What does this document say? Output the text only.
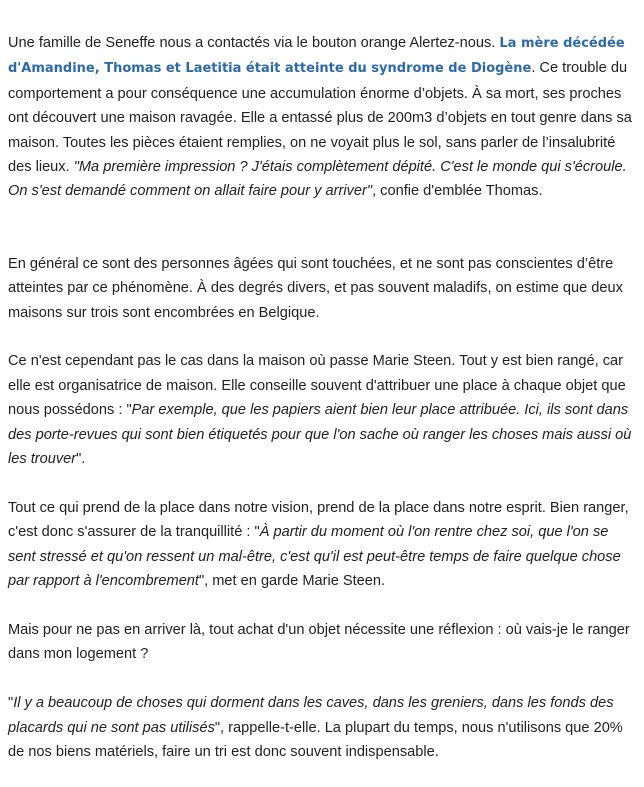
Une famille de Seneffe nous a contactés via le bouton orange Alertez-nous. La mère décédée d'Amandine, Thomas et Laetitia était atteinte du syndrome de Diogène. Ce trouble du comportement a pour conséquence une accumulation énorme d’objets. À sa mort, ses proches ont découvert une maison ravagée. Elle a entassé plus de 200m3 d’objets en tout genre dans sa maison. Toutes les pièces étaient remplies, on ne voyait plus le sol, sans parler de l’insalubrité des lieux. "Ma première impression ? J'étais complètement dépité. C'est le monde qui s'écroule. On s'est demandé comment on allait faire pour y arriver", confie d'emblée Thomas.

En général ce sont des personnes âgées qui sont touchées, et ne sont pas conscientes d’être atteintes par ce phénomène. À des degrés divers, et pas souvent maladifs, on estime que deux maisons sur trois sont encombrées en Belgique.

Ce n'est cependant pas le cas dans la maison où passe Marie Steen. Tout y est bien rangé, car elle est organisatrice de maison. Elle conseille souvent d'attribuer une place à chaque objet que nous possédons : "Par exemple, que les papiers aient bien leur place attribuée. Ici, ils sont dans des porte-revues qui sont bien étiquetés pour que l'on sache où ranger les choses mais aussi où les trouver".

Tout ce qui prend de la place dans notre vision, prend de la place dans notre esprit. Bien ranger, c'est donc s'assurer de la tranquillité : "À partir du moment où l'on rentre chez soi, que l'on se sent stressé et qu'on ressent un mal-être, c'est qu'il est peut-être temps de faire quelque chose par rapport à l'encombrement", met en garde Marie Steen.

Mais pour ne pas en arriver là, tout achat d'un objet nécessite une réflexion : où vais-je le ranger dans mon logement ?

"Il y a beaucoup de choses qui dorment dans les caves, dans les greniers, dans les fonds des placards qui ne sont pas utilisés", rappelle-t-elle. La plupart du temps, nous n'utilisons que 20% de nos biens matériels, faire un tri est donc souvent indispensable.
